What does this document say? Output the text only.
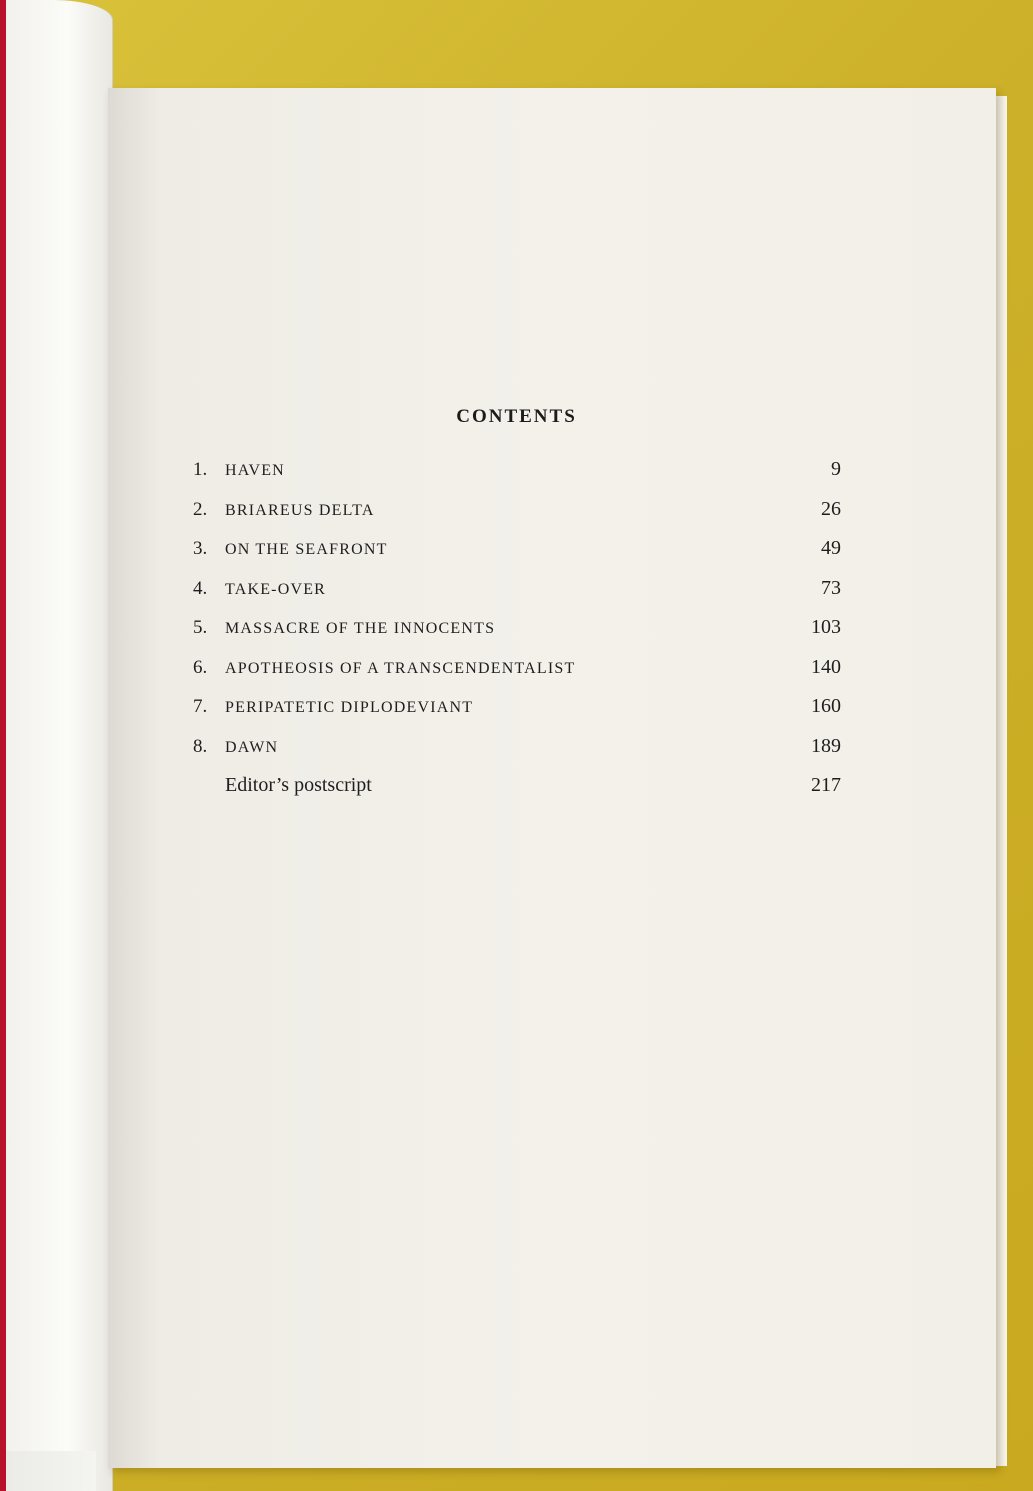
CONTENTS
1.	HAVEN	9
2.	BRIAREUS DELTA	26
3.	ON THE SEAFRONT	49
4.	TAKE-OVER	73
5.	MASSACRE OF THE INNOCENTS	103
6.	APOTHEOSIS OF A TRANSCENDENTALIST	140
7.	PERIPATETIC DIPLODEVIANT	160
8.	DAWN	189
Editor’s postscript	217
